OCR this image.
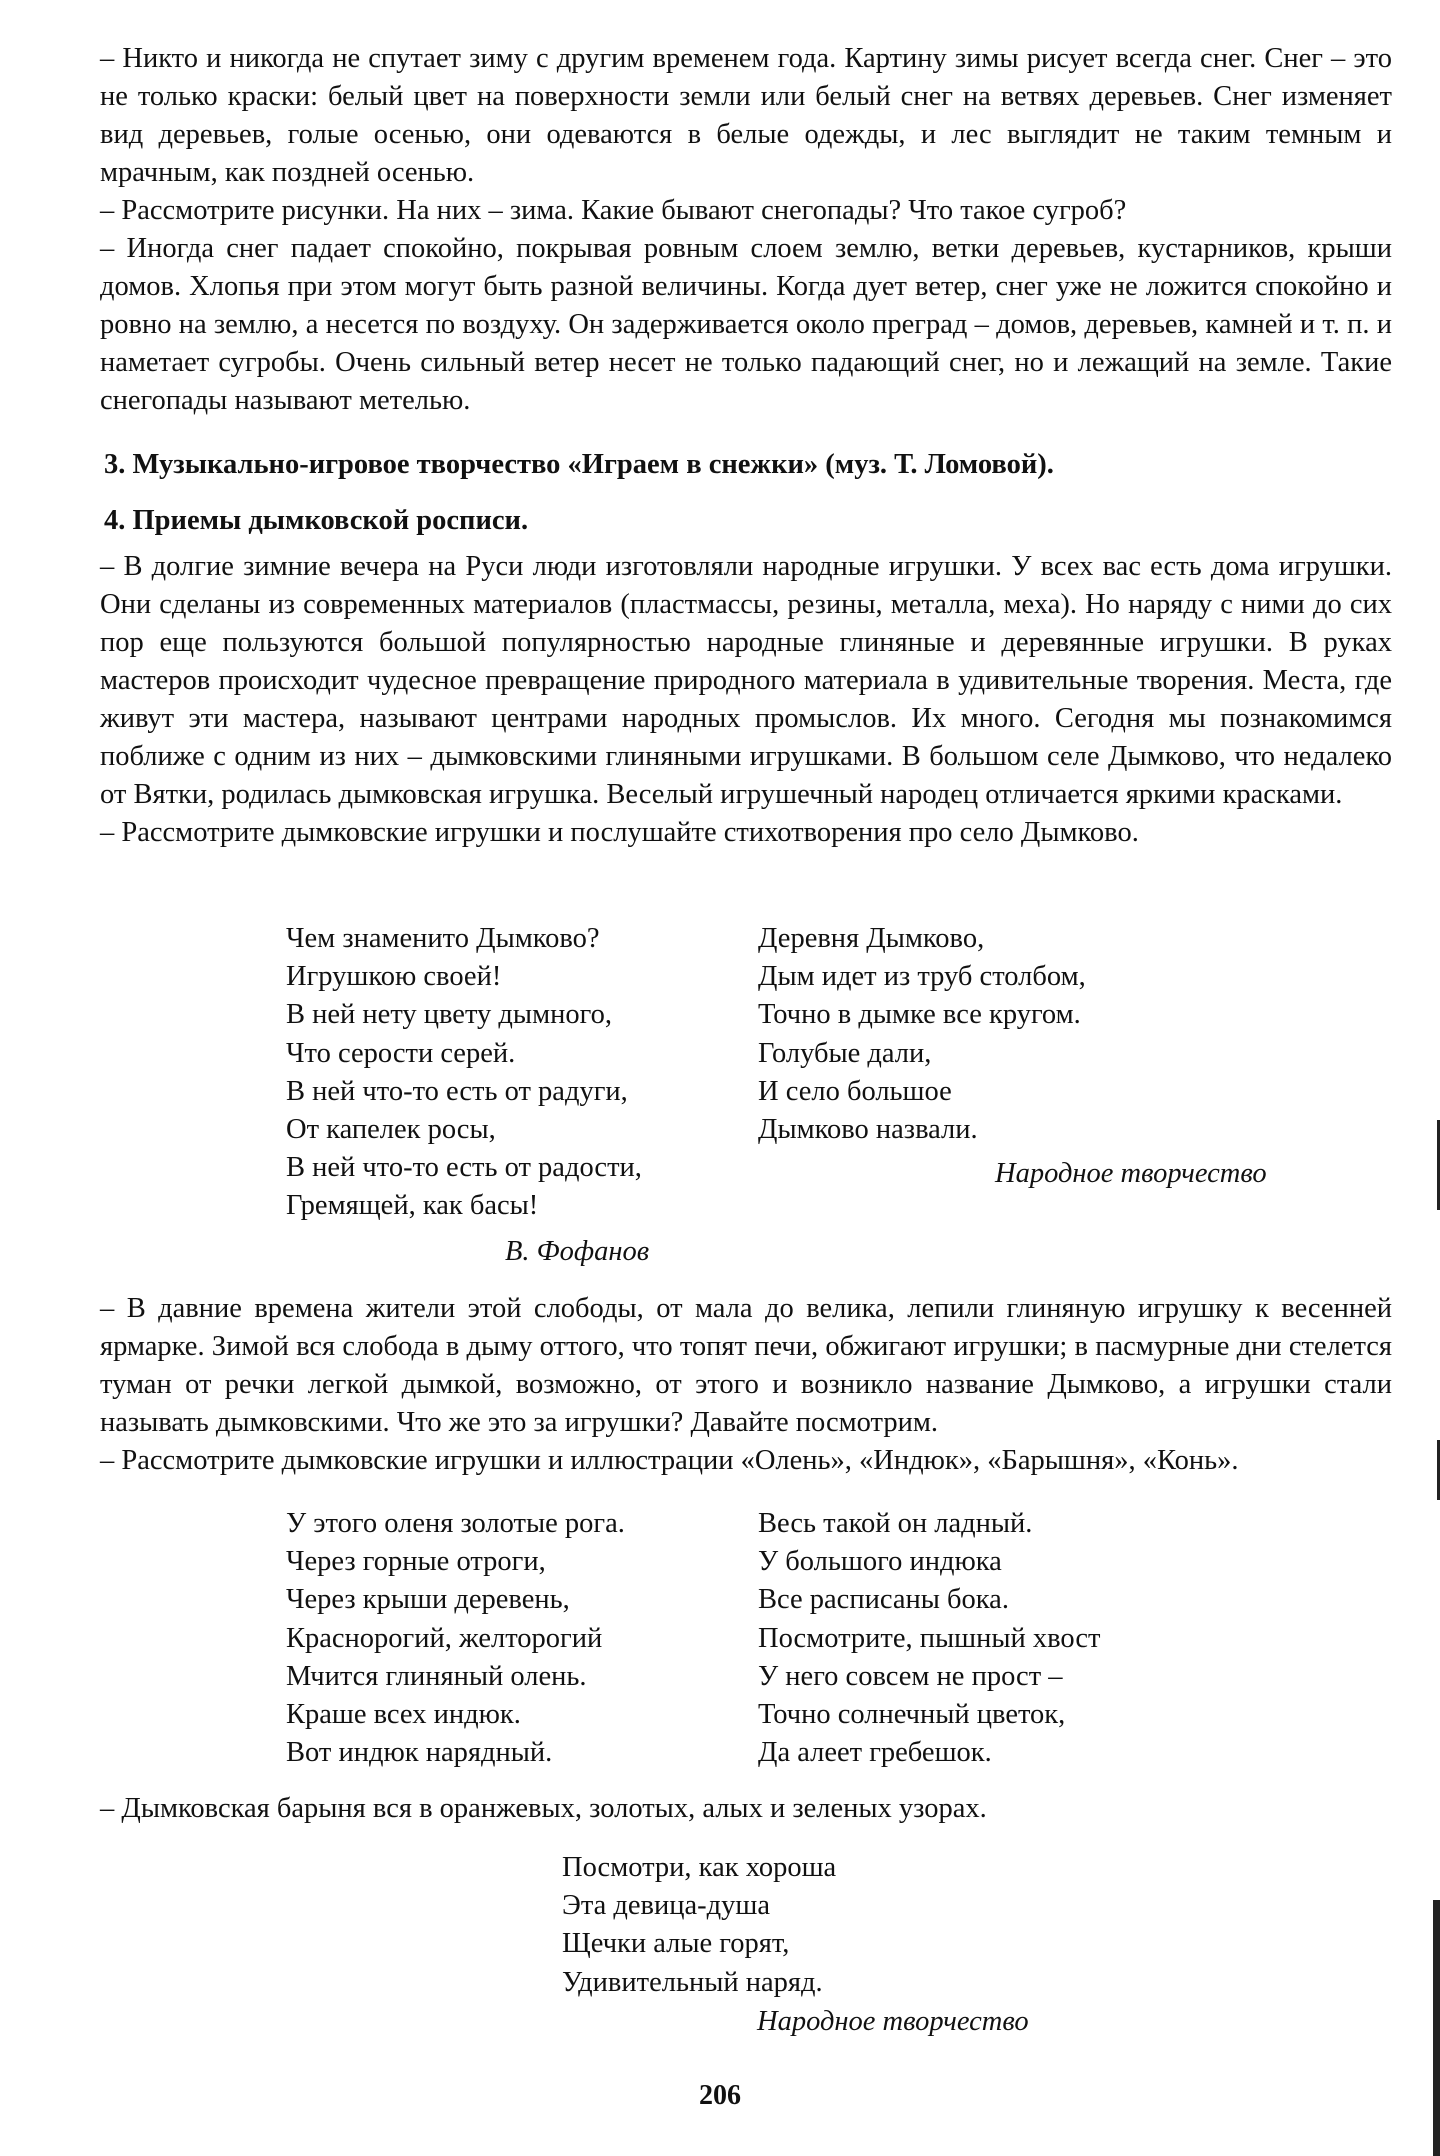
– Никто и никогда не спутает зиму с другим временем года. Картину зимы рисует всегда снег. Снег – это не только краски: белый цвет на поверхности земли или белый снег на ветвях деревьев. Снег изменяет вид деревьев, голые осенью, они одеваются в белые одежды, и лес выглядит не таким темным и мрачным, как поздней осенью.

– Рассмотрите рисунки. На них – зима. Какие бывают снегопады? Что такое сугроб?

– Иногда снег падает спокойно, покрывая ровным слоем землю, ветки деревьев, кустарников, крыши домов. Хлопья при этом могут быть разной величины. Когда дует ветер, снег уже не ложится спокойно и ровно на землю, а несется по воздуху. Он задерживается около преград – домов, деревьев, камней и т. п. и наметает сугробы. Очень сильный ветер несет не только падающий снег, но и лежащий на земле. Такие снегопады называют метелью.

3. Музыкально-игровое творчество «Играем в снежки» (муз. Т. Ломовой).

4. Приемы дымковской росписи.

– В долгие зимние вечера на Руси люди изготовляли народные игрушки. У всех вас есть дома игрушки. Они сделаны из современных материалов (пластмассы, резины, металла, меха). Но наряду с ними до сих пор еще пользуются большой популярностью народные глиняные и деревянные игрушки. В руках мастеров происходит чудесное превращение природного материала в удивительные творения. Места, где живут эти мастера, называют центрами народных промыслов. Их много. Сегодня мы познакомимся поближе с одним из них – дымковскими глиняными игрушками. В большом селе Дымково, что недалеко от Вятки, родилась дымковская игрушка. Веселый игрушечный народец отличается яркими красками.

– Рассмотрите дымковские игрушки и послушайте стихотворения про село Дымково.

Чем знаменито Дымково?
Игрушкою своей!
В ней нету цвету дымного,
Что серости серей.
В ней что-то есть от радуги,
От капелек росы,
В ней что-то есть от радости,
Гремящей, как басы!
В. Фофанов
Деревня Дымково,
Дым идет из труб столбом,
Точно в дымке все кругом.
Голубые дали,
И село большое
Дымково назвали.
Народное творчество

– В давние времена жители этой слободы, от мала до велика, лепили глиняную игрушку к весенней ярмарке. Зимой вся слобода в дыму оттого, что топят печи, обжигают игрушки; в пасмурные дни стелется туман от речки легкой дымкой, возможно, от этого и возникло название Дымково, а игрушки стали называть дымковскими. Что же это за игрушки? Давайте посмотрим.

– Рассмотрите дымковские игрушки и иллюстрации «Олень», «Индюк», «Барышня», «Конь».

У этого оленя золотые рога.
Через горные отроги,
Через крыши деревень,
Краснорогий, желторогий
Мчится глиняный олень.
Краше всех индюк.
Вот индюк нарядный.
Весь такой он ладный.
У большого индюка
Все расписаны бока.
Посмотрите, пышный хвост
У него совсем не прост –
Точно солнечный цветок,
Да алеет гребешок.

– Дымковская барыня вся в оранжевых, золотых, алых и зеленых узорах.

Посмотри, как хороша
Эта девица-душа
Щечки алые горят,
Удивительный наряд.
Народное творчество
206
